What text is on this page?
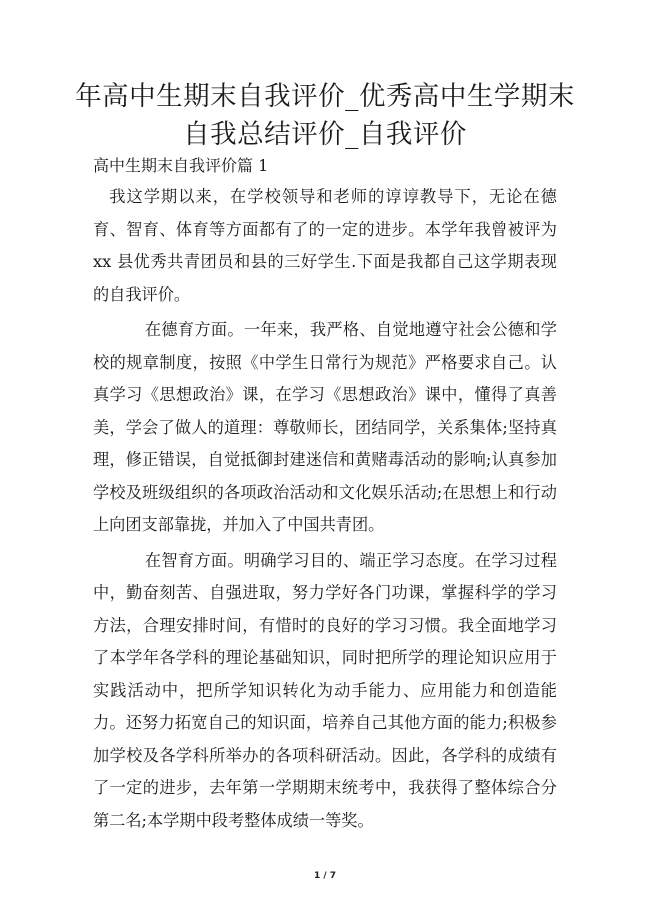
年高中生期末自我评价_优秀高中生学期末自我总结评价_自我评价
高中生期末自我评价篇 1

我这学期以来，在学校领导和老师的谆谆教导下，无论在德育、智育、体育等方面都有了的一定的进步。本学年我曾被评为 xx 县优秀共青团员和县的三好学生.下面是我都自己这学期表现的自我评价。

在德育方面。一年来，我严格、自觉地遵守社会公德和学校的规章制度，按照《中学生日常行为规范》严格要求自己。认真学习《思想政治》课，在学习《思想政治》课中，懂得了真善美，学会了做人的道理：尊敬师长，团结同学，关系集体;坚持真理，修正错误，自觉抵御封建迷信和黄赌毒活动的影响;认真参加学校及班级组织的各项政治活动和文化娱乐活动;在思想上和行动上向团支部靠拢，并加入了中国共青团。

在智育方面。明确学习目的、端正学习态度。在学习过程中，勤奋刻苦、自强进取，努力学好各门功课，掌握科学的学习方法，合理安排时间，有惜时的良好的学习习惯。我全面地学习了本学年各学科的理论基础知识，同时把所学的理论知识应用于实践活动中，把所学知识转化为动手能力、应用能力和创造能力。还努力拓宽自己的知识面，培养自己其他方面的能力;积极参加学校及各学科所举办的各项科研活动。因此，各学科的成绩有了一定的进步，去年第一学期期末统考中，我获得了整体综合分第二名;本学期中段考整体成绩一等奖。

1 / 7
